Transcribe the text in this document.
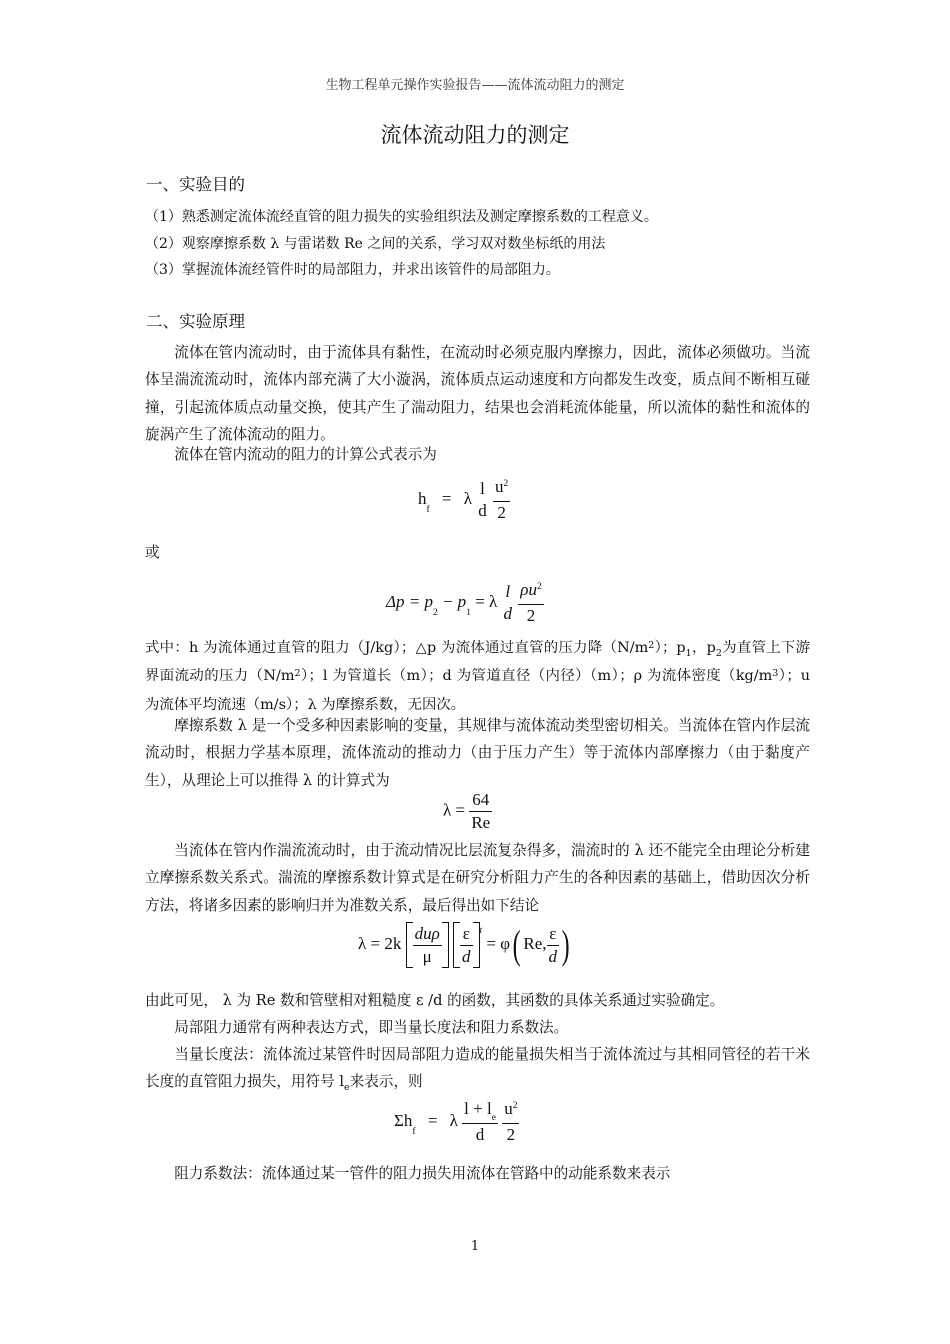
生物工程单元操作实验报告——流体流动阻力的测定
流体流动阻力的测定
一、实验目的
（1）熟悉测定流体流经直管的阻力损失的实验组织法及测定摩擦系数的工程意义。
（2）观察摩擦系数 λ 与雷诺数 Re 之间的关系，学习双对数坐标纸的用法
（3）掌握流体流经管件时的局部阻力，并求出该管件的局部阻力。
二、实验原理
流体在管内流动时，由于流体具有黏性，在流动时必须克服内摩擦力，因此，流体必须做功。当流体呈湍流流动时，流体内部充满了大小漩涡，流体质点运动速度和方向都发生改变，质点间不断相互碰撞，引起流体质点动量交换，使其产生了湍动阻力，结果也会消耗流体能量，所以流体的黏性和流体的旋涡产生了流体流动的阻力。
流体在管内流动的阻力的计算公式表示为
$h_f = \lambda$
l
d
$\frac{u^2}{2}$
或
$\Delta p = p_2 - p_1 = \lambda$
l
d
$\frac{\rho u^2}{2}$
式中：h 为流体通过直管的阻力（J/kg）；△p 为流体通过直管的压力降$(N/m^2)$；$p_1$，$p_2$为直管上下游界面流动的压力$(N/m^2)$；l 为管道长（m）；d 为管道直径（内径）（m）；ρ 为流体密度$(kg/m^3)$；u 为流体平均流速（m/s）；λ 为摩擦系数，无因次。
摩擦系数 λ 是一个受多种因素影响的变量，其规律与流体流动类型密切相关。当流体在管内作层流流动时，根据力学基本原理，流体流动的推动力（由于压力产生）等于流体内部摩擦力（由于黏度产生），从理论上可以推得 λ 的计算式为
$\lambda = \frac{64}{Re}$
当流体在管内作湍流流动时，由于流动情况比层流复杂得多，湍流时的 λ 还不能完全由理论分析建立摩擦系数关系式。湍流的摩擦系数计算式是在研究分析阻力产生的各种因素的基础上，借助因次分析方法，将诸多因素的影响归并为准数关系，最后得出如下结论
$\lambda = 2k \frac{\text{duρ}}{\mu}$
$\frac{\varepsilon}{d} ^t = \varphi$( Re, $\frac{\varepsilon}{d}$ )
由此可见， λ 为 Re 数和管壁相对粗糙度 ε /d 的函数，其函数的具体关系通过实验确定。
局部阻力通常有两种表达方式，即当量长度法和阻力系数法。
当量长度法：流体流过某管件时因局部阻力造成的能量损失相当于流体流过与其相同管径的若干米长度的直管阻力损失，用符号 $l_e$来表示，则
$\Sigma h_f = \lambda \frac{l + l_e}{d}$
$\frac{u^2}{2}$
阻力系数法：流体通过某一管件的阻力损失用流体在管路中的动能系数来表示
1
